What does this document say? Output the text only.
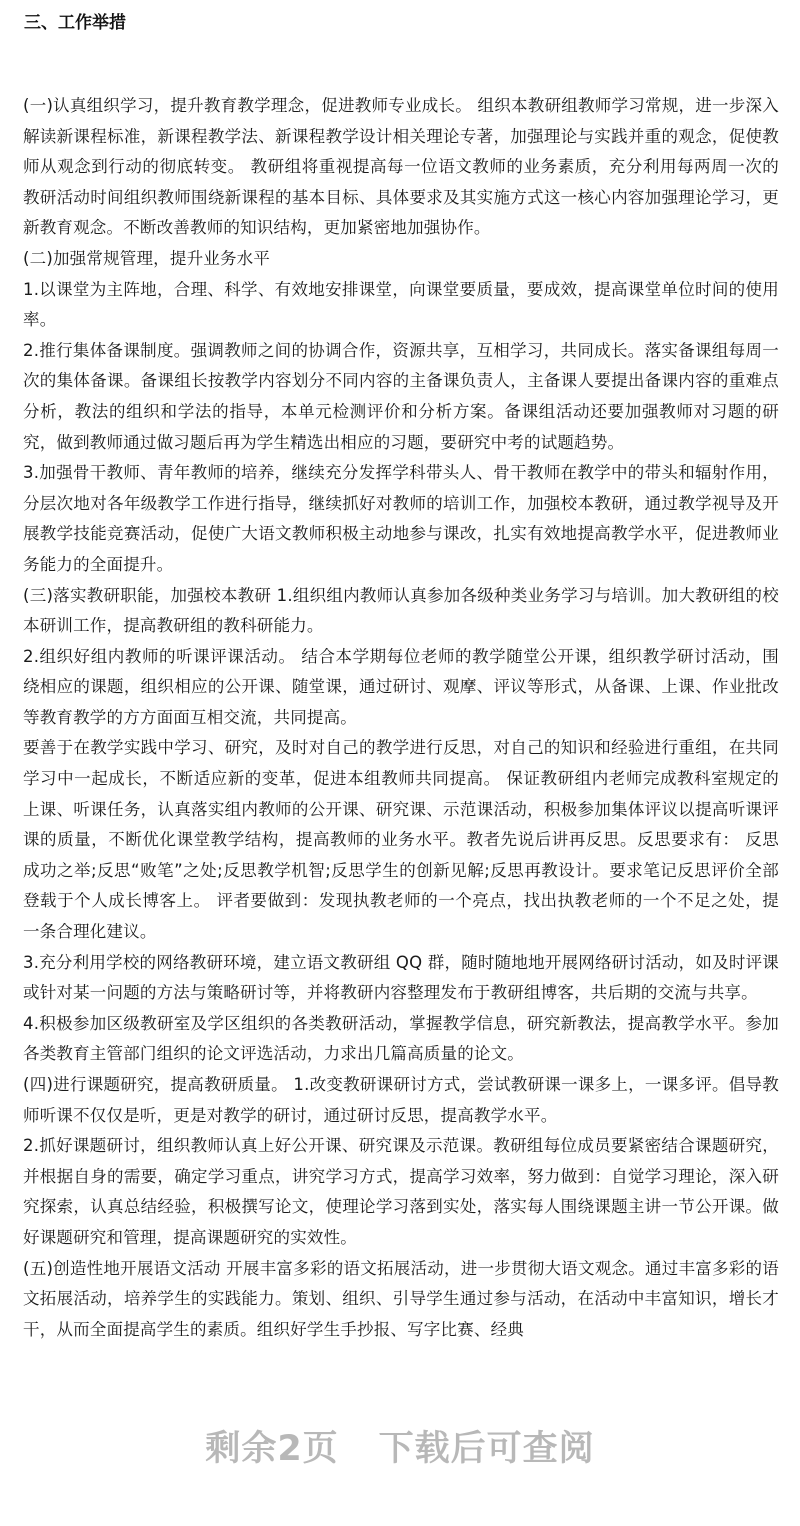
三、工作举措

(一)认真组织学习，提升教育教学理念，促进教师专业成长。 组织本教研组教师学习常规，进一步深入解读新课程标准，新课程教学法、新课程教学设计相关理论专著，加强理论与实践并重的观念，促使教师从观念到行动的彻底转变。 教研组将重视提高每一位语文教师的业务素质，充分利用每两周一次的教研活动时间组织教师围绕新课程的基本目标、具体要求及其实施方式这一核心内容加强理论学习，更新教育观念。不断改善教师的知识结构，更加紧密地加强协作。

(二)加强常规管理，提升业务水平

1.以课堂为主阵地，合理、科学、有效地安排课堂，向课堂要质量，要成效，提高课堂单位时间的使用率。

2.推行集体备课制度。强调教师之间的协调合作，资源共享，互相学习，共同成长。落实备课组每周一次的集体备课。备课组长按教学内容划分不同内容的主备课负责人，主备课人要提出备课内容的重难点分析，教法的组织和学法的指导，本单元检测评价和分析方案。备课组活动还要加强教师对习题的研究，做到教师通过做习题后再为学生精选出相应的习题，要研究中考的试题趋势。

3.加强骨干教师、青年教师的培养，继续充分发挥学科带头人、骨干教师在教学中的带头和辐射作用，分层次地对各年级教学工作进行指导，继续抓好对教师的培训工作，加强校本教研，通过教学视导及开展教学技能竞赛活动，促使广大语文教师积极主动地参与课改，扎实有效地提高教学水平，促进教师业务能力的全面提升。

(三)落实教研职能，加强校本教研 1.组织组内教师认真参加各级种类业务学习与培训。加大教研组的校本研训工作，提高教研组的教科研能力。

2.组织好组内教师的听课评课活动。 结合本学期每位老师的教学随堂公开课，组织教学研讨活动，围绕相应的课题，组织相应的公开课、随堂课，通过研讨、观摩、评议等形式，从备课、上课、作业批改等教育教学的方方面面互相交流，共同提高。

要善于在教学实践中学习、研究，及时对自己的教学进行反思，对自己的知识和经验进行重组，在共同学习中一起成长，不断适应新的变革，促进本组教师共同提高。 保证教研组内老师完成教科室规定的上课、听课任务，认真落实组内教师的公开课、研究课、示范课活动，积极参加集体评议以提高听课评课的质量，不断优化课堂教学结构，提高教师的业务水平。教者先说后讲再反思。反思要求有： 反思成功之举;反思“败笔”之处;反思教学机智;反思学生的创新见解;反思再教设计。要求笔记反思评价全部登载于个人成长博客上。 评者要做到：发现执教老师的一个亮点，找出执教老师的一个不足之处，提一条合理化建议。

3.充分利用学校的网络教研环境，建立语文教研组 QQ 群，随时随地地开展网络研讨活动，如及时评课或针对某一问题的方法与策略研讨等，并将教研内容整理发布于教研组博客，共后期的交流与共享。

4.积极参加区级教研室及学区组织的各类教研活动，掌握教学信息，研究新教法，提高教学水平。参加各类教育主管部门组织的论文评选活动，力求出几篇高质量的论文。

(四)进行课题研究，提高教研质量。 1.改变教研课研讨方式，尝试教研课一课多上，一课多评。倡导教师听课不仅仅是听，更是对教学的研讨，通过研讨反思，提高教学水平。

2.抓好课题研讨，组织教师认真上好公开课、研究课及示范课。教研组每位成员要紧密结合课题研究，并根据自身的需要，确定学习重点，讲究学习方式，提高学习效率，努力做到：自觉学习理论，深入研究探索，认真总结经验，积极撰写论文，使理论学习落到实处，落实每人围绕课题主讲一节公开课。做好课题研究和管理，提高课题研究的实效性。

(五)创造性地开展语文活动 开展丰富多彩的语文拓展活动，进一步贯彻大语文观念。通过丰富多彩的语文拓展活动，培养学生的实践能力。策划、组织、引导学生通过参与活动，在活动中丰富知识，增长才干，从而全面提高学生的素质。组织好学生手抄报、写字比赛、经典

剩余2页 下载后可查阅
